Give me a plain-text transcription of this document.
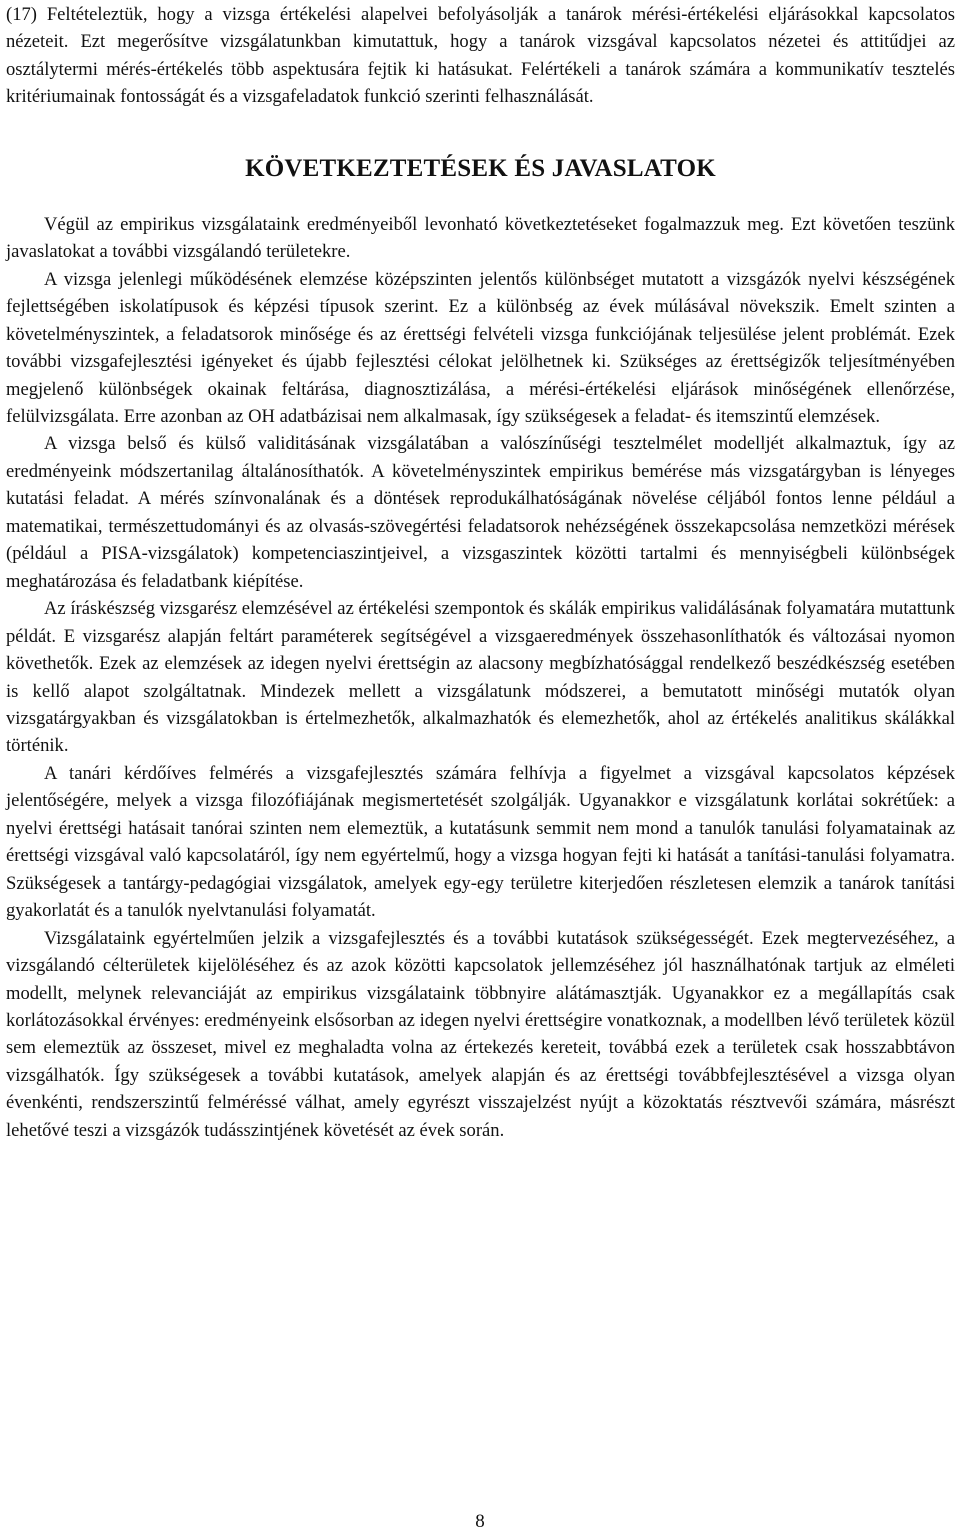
(17) Feltételeztük, hogy a vizsga értékelési alapelvei befolyásolják a tanárok mérési-értékelési eljárásokkal kapcsolatos nézeteit. Ezt megerősítve vizsgálatunkban kimutattuk, hogy a tanárok vizsgával kapcsolatos nézetei és attitűdjei az osztálytermi mérés-értékelés több aspektusára fejtik ki hatásukat. Felértékeli a tanárok számára a kommunikatív tesztelés kritériumainak fontosságát és a vizsgafeladatok funkció szerinti felhasználását.

KÖVETKEZTETÉSEK ÉS JAVASLATOK

Végül az empirikus vizsgálataink eredményeiből levonható következtetéseket fogalmazzuk meg. Ezt követően teszünk javaslatokat a további vizsgálandó területekre.

A vizsga jelenlegi működésének elemzése középszinten jelentős különbséget mutatott a vizsgázók nyelvi készségének fejlettségében iskolatípusok és képzési típusok szerint. Ez a különbség az évek múlásával növekszik. Emelt szinten a követelményszintek, a feladatsorok minősége és az érettségi felvételi vizsga funkciójának teljesülése jelent problémát. Ezek további vizsgafejlesztési igényeket és újabb fejlesztési célokat jelölhetnek ki. Szükséges az érettségizők teljesítményében megjelenő különbségek okainak feltárása, diagnosztizálása, a mérési-értékelési eljárások minőségének ellenőrzése, felülvizsgálata. Erre azonban az OH adatbázisai nem alkalmasak, így szükségesek a feladat- és itemszintű elemzések.

A vizsga belső és külső validitásának vizsgálatában a valószínűségi tesztelmélet modelljét alkalmaztuk, így az eredményeink módszertanilag általánosíthatók. A követelményszintek empirikus bemérése más vizsgatárgyban is lényeges kutatási feladat. A mérés színvonalának és a döntések reprodukálhatóságának növelése céljából fontos lenne például a matematikai, természettudományi és az olvasás-szövegértési feladatsorok nehézségének összekapcsolása nemzetközi mérések (például a PISA-vizsgálatok) kompetenciaszintjeivel, a vizsgaszintek közötti tartalmi és mennyiségbeli különbségek meghatározása és feladatbank kiépítése.

Az íráskészség vizsgarész elemzésével az értékelési szempontok és skálák empirikus validálásának folyamatára mutattunk példát. E vizsgarész alapján feltárt paraméterek segítségével a vizsgaeredmények összehasonlíthatók és változásai nyomon követhetők. Ezek az elemzések az idegen nyelvi érettségin az alacsony megbízhatósággal rendelkező beszédkészség esetében is kellő alapot szolgáltatnak. Mindezek mellett a vizsgálatunk módszerei, a bemutatott minőségi mutatók olyan vizsgatárgyakban és vizsgálatokban is értelmezhetők, alkalmazhatók és elemezhetők, ahol az értékelés analitikus skálákkal történik.

A tanári kérdőíves felmérés a vizsgafejlesztés számára felhívja a figyelmet a vizsgával kapcsolatos képzések jelentőségére, melyek a vizsga filozófiájának megismertetését szolgálják. Ugyanakkor e vizsgálatunk korlátai sokrétűek: a nyelvi érettségi hatásait tanórai szinten nem elemeztük, a kutatásunk semmit nem mond a tanulók tanulási folyamatainak az érettségi vizsgával való kapcsolatáról, így nem egyértelmű, hogy a vizsga hogyan fejti ki hatását a tanítási-tanulási folyamatra. Szükségesek a tantárgy-pedagógiai vizsgálatok, amelyek egy-egy területre kiterjedően részletesen elemzik a tanárok tanítási gyakorlatát és a tanulók nyelvtanulási folyamatát.

Vizsgálataink egyértelműen jelzik a vizsgafejlesztés és a további kutatások szükségességét. Ezek megtervezéséhez, a vizsgálandó célterületek kijelöléséhez és az azok közötti kapcsolatok jellemzéséhez jól használhatónak tartjuk az elméleti modellt, melynek relevanciáját az empirikus vizsgálataink többnyire alátámasztják. Ugyanakkor ez a megállapítás csak korlátozásokkal érvényes: eredményeink elsősorban az idegen nyelvi érettségire vonatkoznak, a modellben lévő területek közül sem elemeztük az összeset, mivel ez meghaladta volna az értekezés kereteit, továbbá ezek a területek csak hosszabbtávon vizsgálhatók. Így szükségesek a további kutatások, amelyek alapján és az érettségi továbbfejlesztésével a vizsga olyan évenkénti, rendszerszintű felméréssé válhat, amely egyrészt visszajelzést nyújt a közoktatás résztvevői számára, másrészt lehetővé teszi a vizsgázók tudásszintjének követését az évek során.

8
